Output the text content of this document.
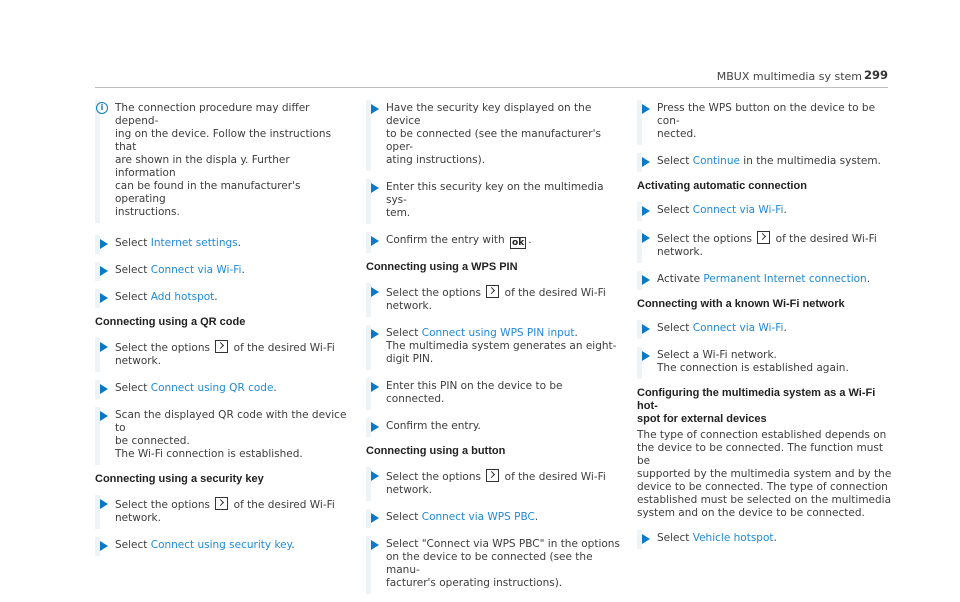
MBUX multimedia sy stem 299
i	The connection procedure may differ depend-
ing on the device. Follow the instructions that
are shown in the displa y. Further information
can be found in the manufacturer's operating
instructions.
Select Internet settings.
Select Connect via Wi-Fi.
Select Add hotspot.
Connecting using a QR code
Select the options of the desired Wi-Fi
network.
Select Connect using QR code.
Scan the displayed QR code with the device to
be connected.
The Wi-Fi connection is established.
Connecting using a security key
Select the options of the desired Wi-Fi
network.
Select Connect using security key.
Have the security key displayed on the device
to be connected (see the manufacturer's oper-
ating instructions).
Enter this security key on the multimedia sys-
tem.
Confirm the entry with ok .
Connecting using a WPS PIN
Select the options of the desired Wi-Fi
network.
Select Connect using WPS PIN input.
The multimedia system generates an eight-
digit PIN.
Enter this PIN on the device to be connected.
Confirm the entry.
Connecting using a button
Select the options of the desired Wi-Fi
network.
Select Connect via WPS PBC.
Select "Connect via WPS PBC" in the options
on the device to be connected (see the manu-
facturer's operating instructions).
Press the WPS button on the device to be con-
nected.
Select Continue in the multimedia system.
Activating automatic connection
Select Connect via Wi-Fi.
Select the options of the desired Wi-Fi
network.
Activate Permanent Internet connection.
Connecting with a known Wi-Fi network
Select Connect via Wi-Fi.
Select a Wi-Fi network.
The connection is established again.
Configuring the multimedia system as a Wi-Fi hot-
spot for external devices
The type of connection established depends on
the device to be connected. The function must be
supported by the multimedia system and by the
device to be connected. The type of connection
established must be selected on the multimedia
system and on the device to be connected.
Select Vehicle hotspot.
